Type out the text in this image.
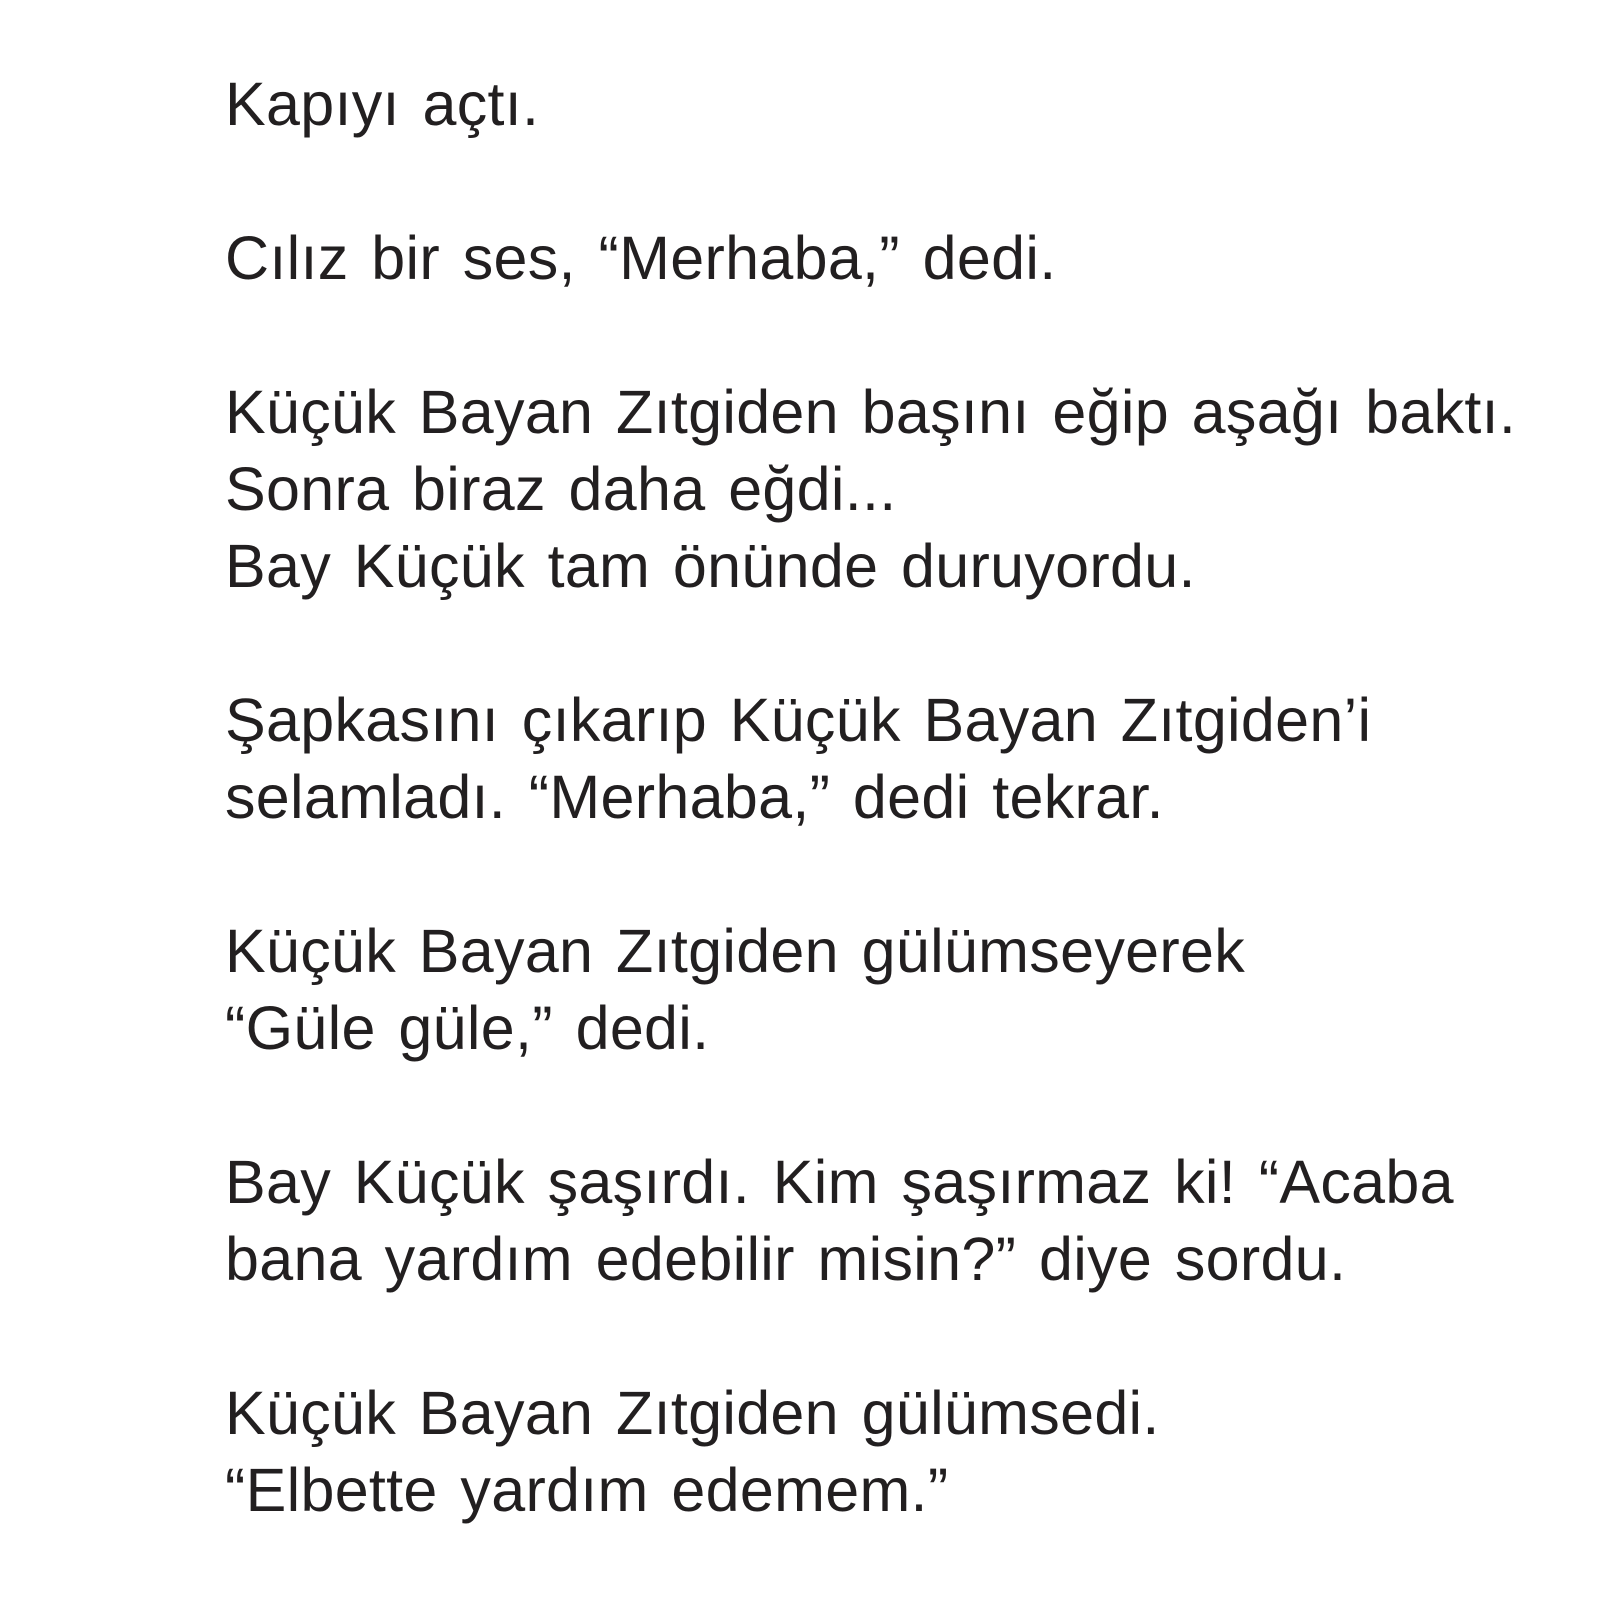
Kapıyı açtı.

Cılız bir ses, “Merhaba,” dedi.

Küçük Bayan Zıtgiden başını eğip aşağı baktı.
Sonra biraz daha eğdi...
Bay Küçük tam önünde duruyordu.

Şapkasını çıkarıp Küçük Bayan Zıtgiden’i
selamladı. “Merhaba,” dedi tekrar.

Küçük Bayan Zıtgiden gülümseyerek
“Güle güle,” dedi.

Bay Küçük şaşırdı. Kim şaşırmaz ki! “Acaba
bana yardım edebilir misin?” diye sordu.

Küçük Bayan Zıtgiden gülümsedi.
“Elbette yardım edemem.”
